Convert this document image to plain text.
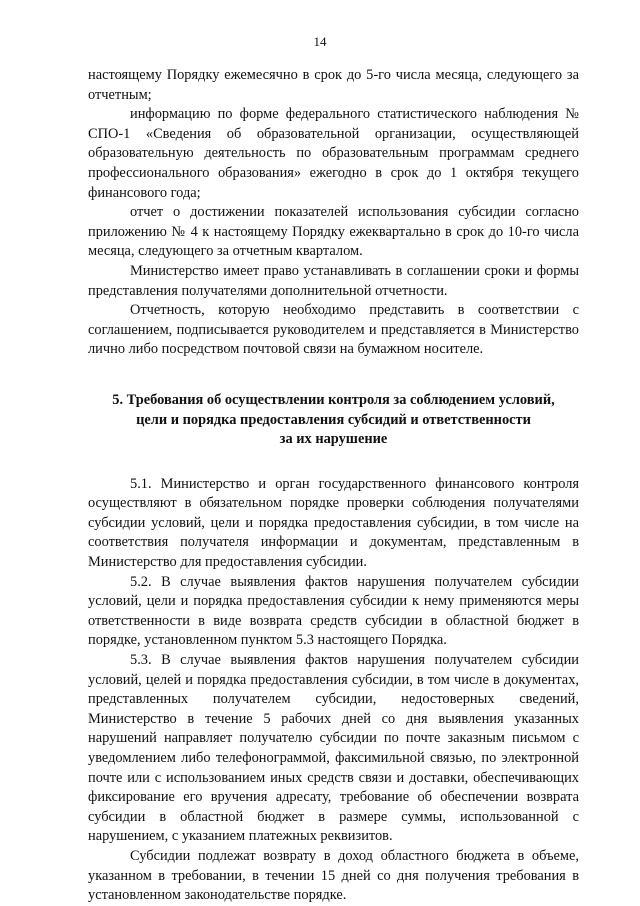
14

настоящему Порядку ежемесячно в срок до 5-го числа месяца, следующего за отчетным;

информацию по форме федерального статистического наблюдения № СПО-1 «Сведения об образовательной организации, осуществляющей образовательную деятельность по образовательным программам среднего профессионального образования» ежегодно в срок до 1 октября текущего финансового года;

отчет о достижении показателей использования субсидии согласно приложению № 4 к настоящему Порядку ежеквартально в срок до 10-го числа месяца, следующего за отчетным кварталом.

Министерство имеет право устанавливать в соглашении сроки и формы представления получателями дополнительной отчетности.

Отчетность, которую необходимо представить в соответствии с соглашением, подписывается руководителем и представляется в Министерство лично либо посредством почтовой связи на бумажном носителе.

5. Требования об осуществлении контроля за соблюдением условий,
цели и порядка предоставления субсидий и ответственности
за их нарушение

5.1. Министерство и орган государственного финансового контроля осуществляют в обязательном порядке проверки соблюдения получателями субсидии условий, цели и порядка предоставления субсидии, в том числе на соответствия получателя информации и документам, представленным в Министерство для предоставления субсидии.

5.2. В случае выявления фактов нарушения получателем субсидии условий, цели и порядка предоставления субсидии к нему применяются меры ответственности в виде возврата средств субсидии в областной бюджет в порядке, установленном пунктом 5.3 настоящего Порядка.

5.3. В случае выявления фактов нарушения получателем субсидии условий, целей и порядка предоставления субсидии, в том числе в документах, представленных получателем субсидии, недостоверных сведений, Министерство в течение 5 рабочих дней со дня выявления указанных нарушений направляет получателю субсидии по почте заказным письмом с уведомлением либо телефонограммой, факсимильной связью, по электронной почте или с использованием иных средств связи и доставки, обеспечивающих фиксирование его вручения адресату, требование об обеспечении возврата субсидии в областной бюджет в размере суммы, использованной с нарушением, с указанием платежных реквизитов.

Субсидии подлежат возврату в доход областного бюджета в объеме, указанном в требовании, в течении 15 дней со дня получения требования в установленном законодательстве порядке.
